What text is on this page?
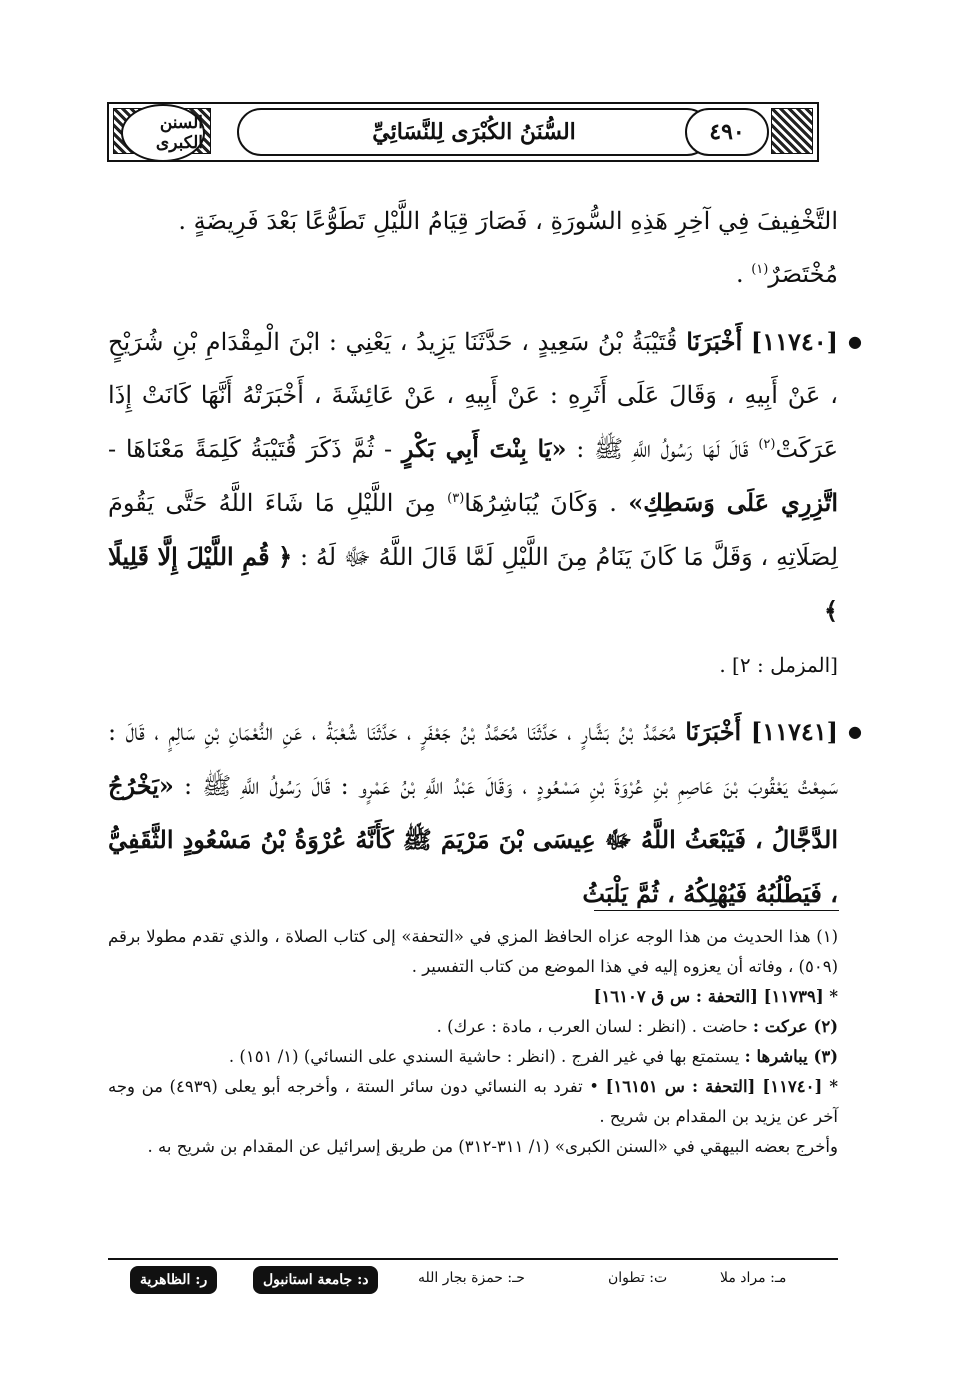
السنن الكبرى	السُّنَنُ الكُبْرَى لِلنَّسَائِيِّ	٤٩٠
التَّخْفِيفَ فِي آخِرِ هَذِهِ السُّورَةِ ، فَصَارَ قِيَامُ اللَّيْلِ تَطَوُّعًا بَعْدَ فَرِيضَةٍ .
مُخْتَصَرٌ$^{(١)}$ .
●
[١١٧٤٠] أَخْبَرَنَا قُتَيْبَةُ بْنُ سَعِيدٍ ، حَدَّثَنَا يَزِيدُ ، يَعْنِي : ابْنَ الْمِقْدَامِ بْنِ شُرَيْحٍ ، عَنْ أَبِيهِ ، وَقَالَ عَلَى أَثَرِهِ : عَنْ أَبِيهِ ، عَنْ عَائِشَةَ ، أَخْبَرَتْهُ أَنَّهَا كَانَتْ إِذَا عَرَكَتْ$^{(٢)}$ قَالَ لَهَا رَسُولُ اللَّهِ ﷺ : «يَا بِنْتَ أَبِي بَكْرٍ - ثُمَّ ذَكَرَ قُتَيْبَةُ كَلِمَةً مَعْنَاهَا - اتَّزِرِي عَلَى وَسَطِكِ» . وَكَانَ يُبَاشِرُهَا$^{(٣)}$ مِنَ اللَّيْلِ مَا شَاءَ اللَّهُ حَتَّى يَقُومَ لِصَلَاتِهِ ، وَقَلَّ مَا كَانَ يَنَامُ مِنَ اللَّيْلِ لَمَّا قَالَ اللَّهُ ﷻ لَهُ : ﴿ قُمِ اللَّيْلَ إِلَّا قَلِيلًا ﴾
[المزمل : ٢] .
●
[١١٧٤١] أَخْبَرَنَا مُحَمَّدُ بْنُ بَشَّارٍ ، حَدَّثَنَا مُحَمَّدُ بْنُ جَعْفَرٍ ، حَدَّثَنَا شُعْبَةُ ، عَنِ النُّعْمَانِ بْنِ سَالِمٍ ، قَالَ : سَمِعْتُ يَعْقُوبَ بْنَ عَاصِمِ بْنِ عُرْوَةَ بْنِ مَسْعُودٍ ، وَقَالَ عَبْدُ اللَّهِ بْنُ عَمْرٍو : قَالَ رَسُولُ اللَّهِ ﷺ : «يَخْرُجُ الدَّجَّالُ ، فَيَبْعَثُ اللَّهُ ﷻ عِيسَى بْنَ مَرْيَمَ ﷺ كَأَنَّهُ عُرْوَةُ بْنُ مَسْعُودٍ الثَّقَفِيُّ ، فَيَطْلُبُهُ فَيُهْلِكُهُ ، ثُمَّ يَلْبَثُ
(١) هذا الحديث من هذا الوجه عزاه الحافظ المزي في «التحفة» إلى كتاب الصلاة ، والذي تقدم مطولا برقم (٥٠٩) ، وفاته أن يعزوه إليه في هذا الموضع من كتاب التفسير .
* [١١٧٣٩] [التحفة : س ق ١٦١٠٧]
(٢) عركت : حاضت . (انظر : لسان العرب ، مادة : عرك) .
(٣) يباشرها : يستمتع بها في غير الفرج . (انظر : حاشية السندي على النسائي) (١/ ١٥١) .
* [١١٧٤٠] [التحفة : س ١٦١٥١] • تفرد به النسائي دون سائر الستة ، وأخرجه أبو يعلى (٤٩٣٩) من وجه آخر عن يزيد بن المقدام بن شريح .
وأخرج بعضه البيهقي في «السنن الكبرى» (١/ ٣١١-٣١٢) من طريق إسرائيل عن المقدام بن شريح به .
ر: الظاهرية	د: جامعة استانبول	حـ: حمزة بجار الله	ت: تطوان	مـ: مراد ملا
